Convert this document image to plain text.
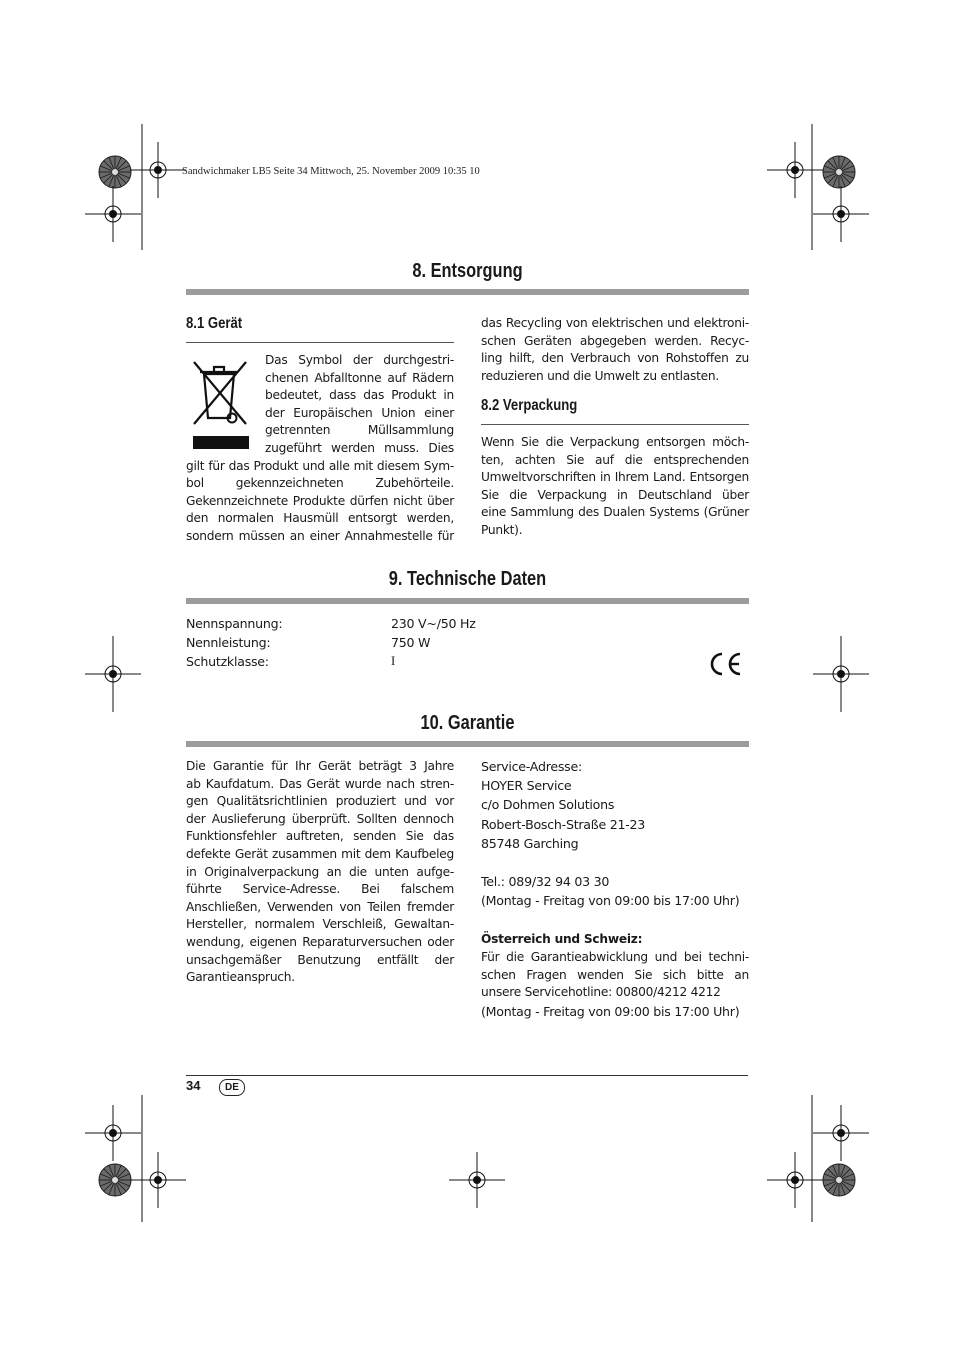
Sandwichmaker LB5 Seite 34 Mittwoch, 25. November 2009 10:35 10
8. Entsorgung
8.1 Gerät
Das Symbol der durchgestri-
chenen Abfalltonne auf Rädern
bedeutet, dass das Produkt in
der Europäischen Union einer
getrennten Müllsammlung
zugeführt werden muss. Dies
gilt für das Produkt und alle mit diesem Sym-
bol gekennzeichneten Zubehörteile.
Gekennzeichnete Produkte dürfen nicht über
den normalen Hausmüll entsorgt werden,
sondern müssen an einer Annahmestelle für
das Recycling von elektrischen und elektroni-
schen Geräten abgegeben werden. Recyc-
ling hilft, den Verbrauch von Rohstoffen zu
reduzieren und die Umwelt zu entlasten.
8.2 Verpackung
Wenn Sie die Verpackung entsorgen möch-
ten, achten Sie auf die entsprechenden
Umweltvorschriften in Ihrem Land. Entsorgen
Sie die Verpackung in Deutschland über
eine Sammlung des Dualen Systems (Grüner
Punkt).
9. Technische Daten
Nennspannung:
Nennleistung:
Schutzklasse:
230 V~/50 Hz
750 W
I
CE
10. Garantie
Die Garantie für Ihr Gerät beträgt 3 Jahre
ab Kaufdatum. Das Gerät wurde nach stren-
gen Qualitätsrichtlinien produziert und vor
der Auslieferung überprüft. Sollten dennoch
Funktionsfehler auftreten, senden Sie das
defekte Gerät zusammen mit dem Kaufbeleg
in Originalverpackung an die unten aufge-
führte Service-Adresse. Bei falschem
Anschließen, Verwenden von Teilen fremder
Hersteller, normalem Verschleiß, Gewaltan-
wendung, eigenen Reparaturversuchen oder
unsachgemäßer Benutzung entfällt der
Garantieanspruch.
Service-Adresse:
HOYER Service
c/o Dohmen Solutions
Robert-Bosch-Straße 21-23
85748 Garching
Tel.: 089/32 94 03 30
(Montag - Freitag von 09:00 bis 17:00 Uhr)
Österreich und Schweiz:
Für die Garantieabwicklung und bei techni-
schen Fragen wenden Sie sich bitte an
unsere Servicehotline: 00800/4212 4212
(Montag - Freitag von 09:00 bis 17:00 Uhr)
34	DE
